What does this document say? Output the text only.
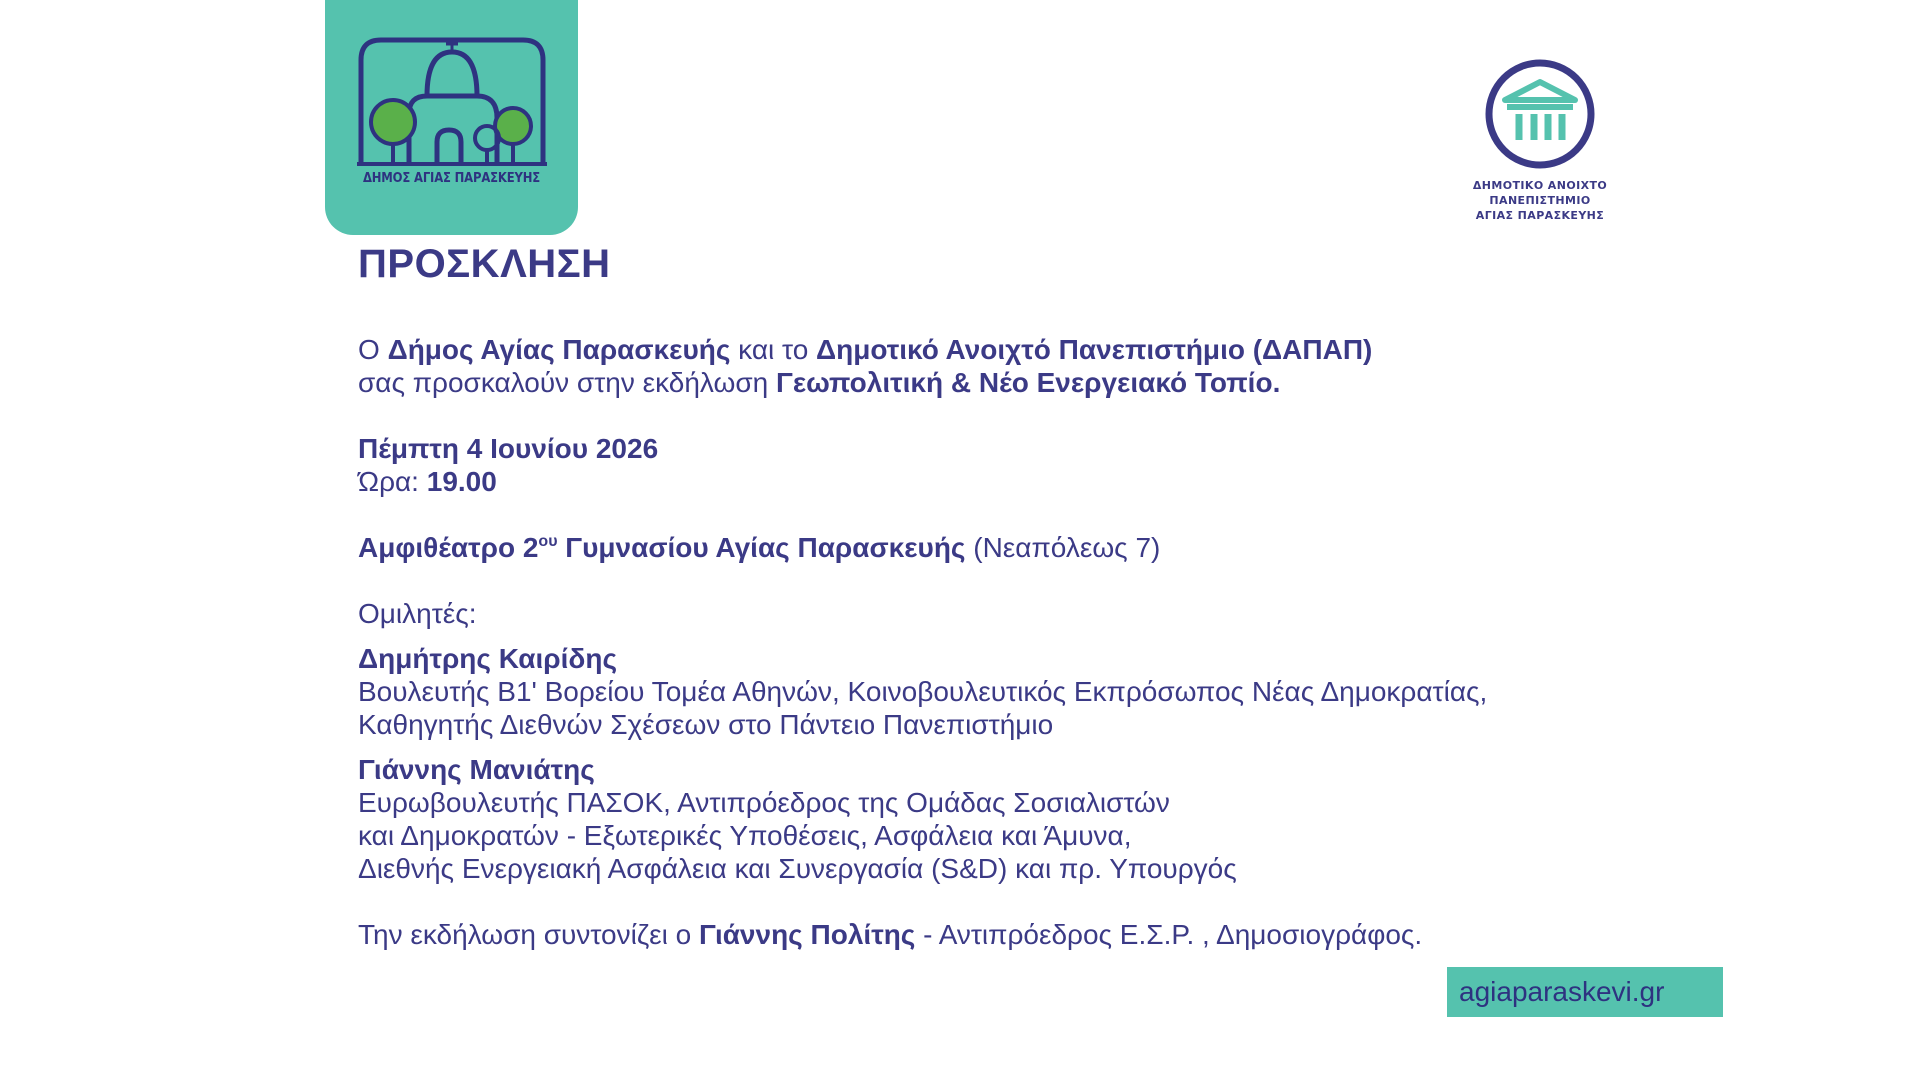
ΔΗΜΟΣ ΑΓΙΑΣ ΠΑΡΑΣΚΕΥΗΣ	ΔΗΜΟΤΙΚΟ ΑΝΟΙΧΤΟ
ΠΑΝΕΠΙΣΤΗΜΙΟ
ΑΓΙΑΣ ΠΑΡΑΣΚΕΥΗΣ
ΠΡΟΣΚΛΗΣΗ

Ο Δήμος Αγίας Παρασκευής και το Δημοτικό Ανοιχτό Πανεπιστήμιο (ΔΑΠΑΠ)

σας προσκαλούν στην εκδήλωση Γεωπολιτική & Νέο Ενεργειακό Τοπίο.

Πέμπτη 4 Ιουνίου 2026

Ώρα: 19.00

Αμφιθέατρο $2^{o\upsilon}$ Γυμνασίου Αγίας Παρασκευής (Νεαπόλεως 7)

Ομιλητές:

Δημήτρης Καιρίδης

Βουλευτής Β1' Βορείου Τομέα Αθηνών, Κοινοβουλευτικός Εκπρόσωπος Νέας Δημοκρατίας,

Καθηγητής Διεθνών Σχέσεων στο Πάντειο Πανεπιστήμιο

Γιάννης Μανιάτης

Ευρωβουλευτής ΠΑΣΟΚ, Αντιπρόεδρος της Ομάδας Σοσιαλιστών

και Δημοκρατών - Εξωτερικές Υποθέσεις, Ασφάλεια και Άμυνα,

Διεθνής Ενεργειακή Ασφάλεια και Συνεργασία (S&D) και πρ. Υπουργός

Την εκδήλωση συντονίζει ο Γιάννης Πολίτης - Αντιπρόεδρος Ε.Σ.Ρ. , Δημοσιογράφος.

agiaparaskevi.gr
